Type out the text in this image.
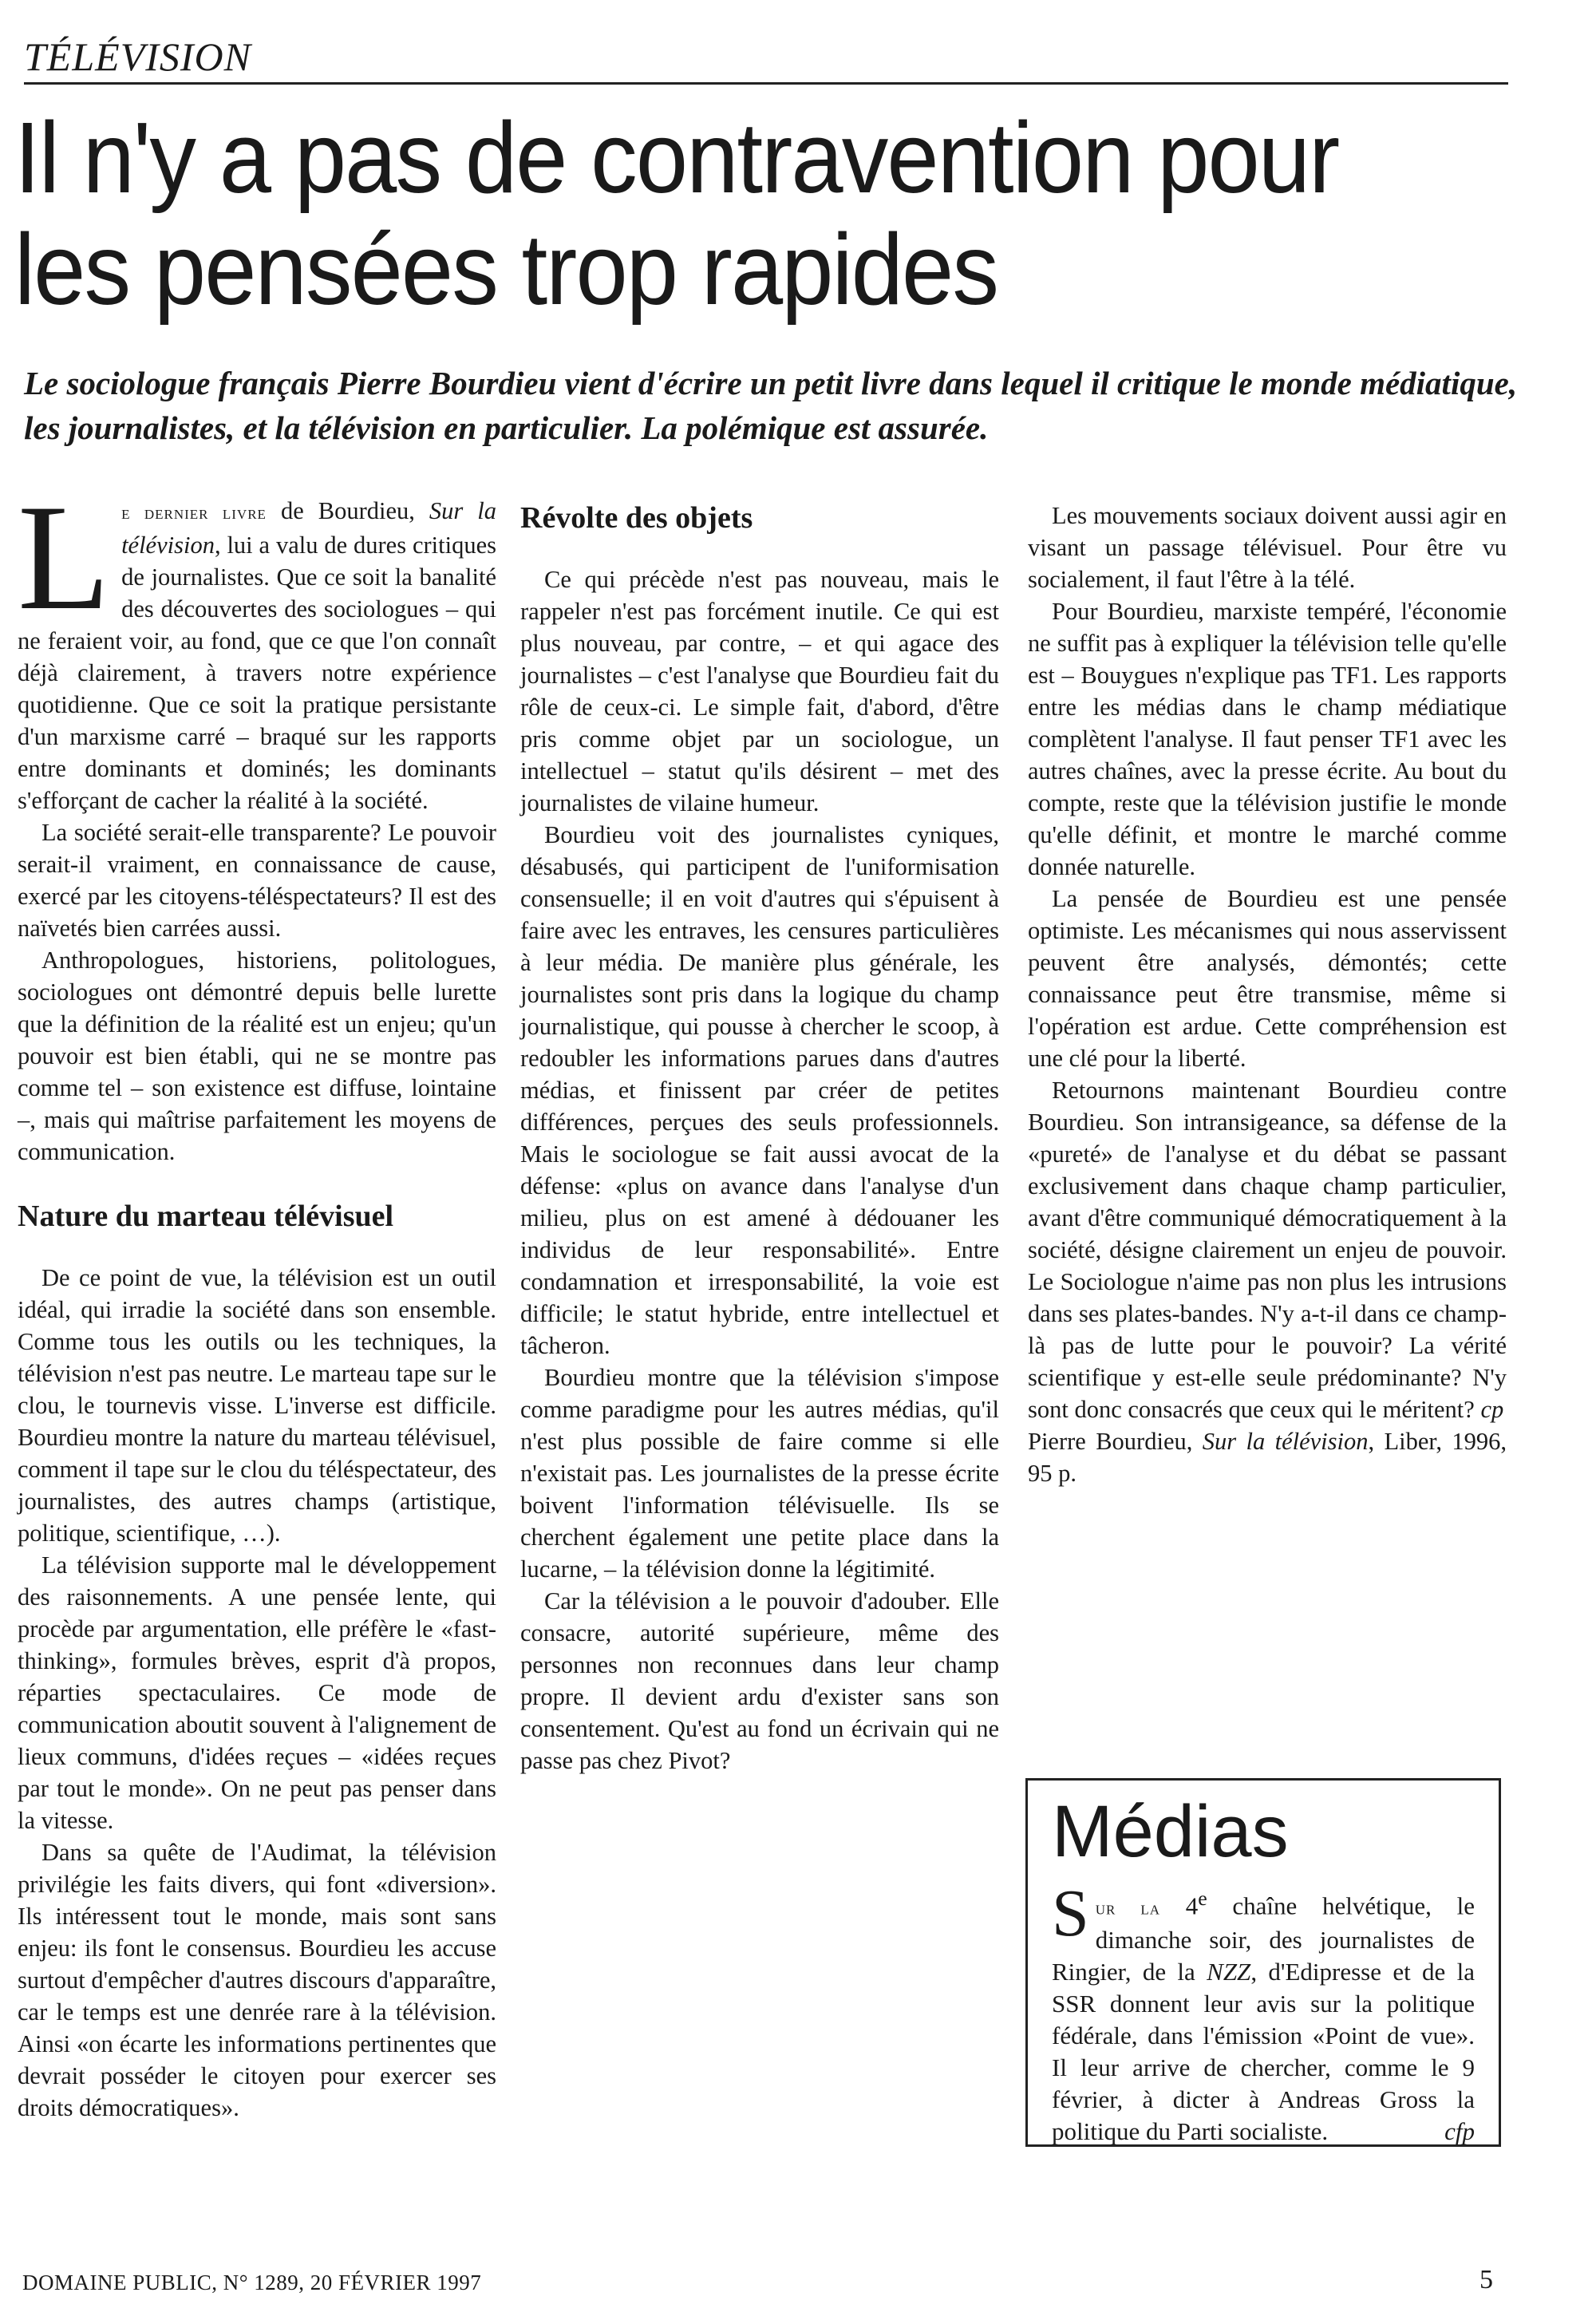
TÉLÉVISION
Il n'y a pas de contravention pour les pensées trop rapides

Le sociologue français Pierre Bourdieu vient d'écrire un petit livre dans lequel il critique le monde médiatique, les journalistes, et la télévision en particulier. La polémique est assurée.

Le dernier livre de Bourdieu, Sur la télévision, lui a valu de dures critiques de journalistes. Que ce soit la banalité des découvertes des sociologues – qui ne feraient voir, au fond, que ce que l'on connaît déjà clairement, à travers notre expérience quotidienne. Que ce soit la pratique persistante d'un marxisme carré – braqué sur les rapports entre dominants et dominés; les dominants s'efforçant de cacher la réalité à la société.

La société serait-elle transparente? Le pouvoir serait-il vraiment, en connaissance de cause, exercé par les citoyens-téléspectateurs? Il est des naïvetés bien carrées aussi.

Anthropologues, historiens, politologues, sociologues ont démontré depuis belle lurette que la définition de la réalité est un enjeu; qu'un pouvoir est bien établi, qui ne se montre pas comme tel – son existence est diffuse, lointaine –, mais qui maîtrise parfaitement les moyens de communication.

Nature du marteau télévisuel

De ce point de vue, la télévision est un outil idéal, qui irradie la société dans son ensemble. Comme tous les outils ou les techniques, la télévision n'est pas neutre. Le marteau tape sur le clou, le tournevis visse. L'inverse est difficile. Bourdieu montre la nature du marteau télévisuel, comment il tape sur le clou du téléspectateur, des journalistes, des autres champs (artistique, politique, scientifique, …).

La télévision supporte mal le développement des raisonnements. A une pensée lente, qui procède par argumentation, elle préfère le «fast-thinking», formules brèves, esprit d'à propos, réparties spectaculaires. Ce mode de communication aboutit souvent à l'alignement de lieux communs, d'idées reçues – «idées reçues par tout le monde». On ne peut pas penser dans la vitesse.

Dans sa quête de l'Audimat, la télévision privilégie les faits divers, qui font «diversion». Ils intéressent tout le monde, mais sont sans enjeu: ils font le consensus. Bourdieu les accuse surtout d'empêcher d'autres discours d'apparaître, car le temps est une denrée rare à la télévision. Ainsi «on écarte les informations pertinentes que devrait posséder le citoyen pour exercer ses droits démocratiques».

Révolte des objets

Ce qui précède n'est pas nouveau, mais le rappeler n'est pas forcément inutile. Ce qui est plus nouveau, par contre, – et qui agace des journalistes – c'est l'analyse que Bourdieu fait du rôle de ceux-ci. Le simple fait, d'abord, d'être pris comme objet par un sociologue, un intellectuel – statut qu'ils désirent – met des journalistes de vilaine humeur.

Bourdieu voit des journalistes cyniques, désabusés, qui participent de l'uniformisation consensuelle; il en voit d'autres qui s'épuisent à faire avec les entraves, les censures particulières à leur média. De manière plus générale, les journalistes sont pris dans la logique du champ journalistique, qui pousse à chercher le scoop, à redoubler les informations parues dans d'autres médias, et finissent par créer de petites différences, perçues des seuls professionnels. Mais le sociologue se fait aussi avocat de la défense: «plus on avance dans l'analyse d'un milieu, plus on est amené à dédouaner les individus de leur responsabilité». Entre condamnation et irresponsabilité, la voie est difficile; le statut hybride, entre intellectuel et tâcheron.

Bourdieu montre que la télévision s'impose comme paradigme pour les autres médias, qu'il n'est plus possible de faire comme si elle n'existait pas. Les journalistes de la presse écrite boivent l'information télévisuelle. Ils se cherchent également une petite place dans la lucarne, – la télévision donne la légitimité.

Car la télévision a le pouvoir d'adouber. Elle consacre, autorité supérieure, même des personnes non reconnues dans leur champ propre. Il devient ardu d'exister sans son consentement. Qu'est au fond un écrivain qui ne passe pas chez Pivot?

Les mouvements sociaux doivent aussi agir en visant un passage télévisuel. Pour être vu socialement, il faut l'être à la télé.

Pour Bourdieu, marxiste tempéré, l'économie ne suffit pas à expliquer la télévision telle qu'elle est – Bouygues n'explique pas TF1. Les rapports entre les médias dans le champ médiatique complètent l'analyse. Il faut penser TF1 avec les autres chaînes, avec la presse écrite. Au bout du compte, reste que la télévision justifie le monde qu'elle définit, et montre le marché comme donnée naturelle.

La pensée de Bourdieu est une pensée optimiste. Les mécanismes qui nous asservissent peuvent être analysés, démontés; cette connaissance peut être transmise, même si l'opération est ardue. Cette compréhension est une clé pour la liberté.

Retournons maintenant Bourdieu contre Bourdieu. Son intransigeance, sa défense de la «pureté» de l'analyse et du débat se passant exclusivement dans chaque champ particulier, avant d'être communiqué démocratiquement à la société, désigne clairement un enjeu de pouvoir. Le Sociologue n'aime pas non plus les intrusions dans ses plates-bandes. N'y a-t-il dans ce champ-là pas de lutte pour le pouvoir? La vérité scientifique y est-elle seule prédominante? N'y sont donc consacrés que ceux qui le méritent? cp

Pierre Bourdieu, Sur la télévision, Liber, 1996, 95 p.

Médias

Sur la 4e chaîne helvétique, le dimanche soir, des journalistes de Ringier, de la NZZ, d'Edipresse et de la SSR donnent leur avis sur la politique fédérale, dans l'émission «Point de vue». Il leur arrive de chercher, comme le 9 février, à dicter à Andreas Gross la politique du Parti socialiste.	cfp

DOMAINE PUBLIC, N° 1289, 20 FÉVRIER 1997	5
